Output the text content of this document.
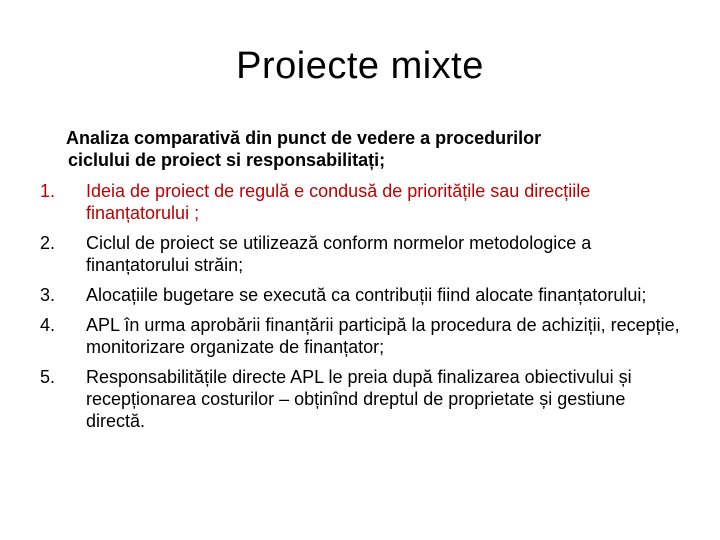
Proiecte mixte
Analiza comparativă din punct de vedere a procedurilor
ciclului de proiect si responsabilitați;
1.	Ideia de proiect de regulă e condusă de prioritățile sau direcțiile finanțatorului ;
2.	Ciclul de proiect se utilizează conform normelor metodologice a finanțatorului străin;
3.	Alocațiile bugetare se execută ca contribuții fiind alocate finanțatorului;
4.	APL în urma aprobării finanțării participă la procedura de achiziții, recepție, monitorizare organizate de finanțator;
5.	Responsabilitățile directe APL le preia după finalizarea obiectivului și recepționarea costurilor – obținînd dreptul de proprietate și gestiune directă.
